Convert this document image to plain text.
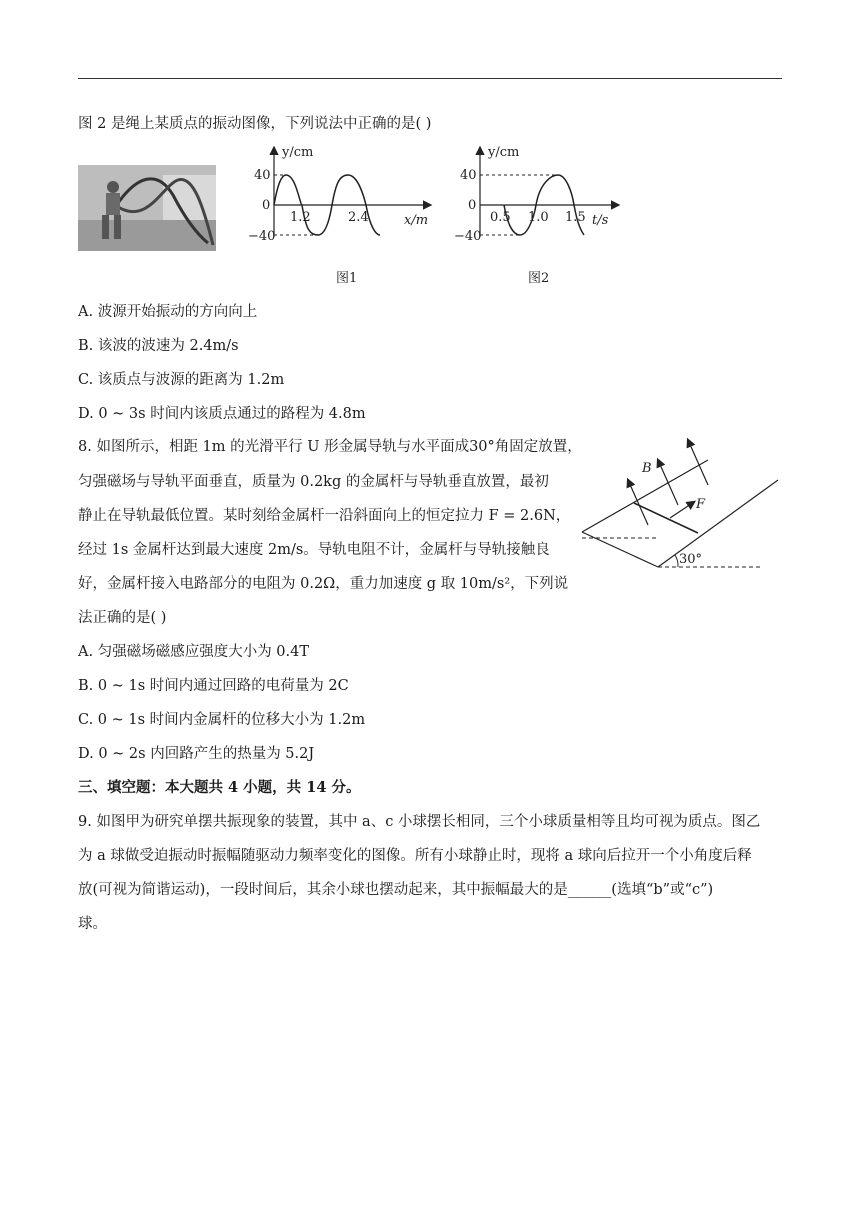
图 2 是绳上某质点的振动图像，下列说法中正确的是( )
y/cm
40
0
−40
1.2	2.4	x/m
图1
y/cm
40
0
−40
0.5 1.0 1.5 t/s
图2
A. 波源开始振动的方向向上
B. 该波的波速为 2.4m/s
C. 该质点与波源的距离为 1.2m
D. 0 ~ 3s 时间内该质点通过的路程为 4.8m
8. 如图所示，相距 1m 的光滑平行 U 形金属导轨与水平面成30°角固定放置，
匀强磁场与导轨平面垂直，质量为 0.2kg 的金属杆与导轨垂直放置，最初
静止在导轨最低位置。某时刻给金属杆一沿斜面向上的恒定拉力 F = 2.6N，
经过 1s 金属杆达到最大速度 2m/s。导轨电阻不计，金属杆与导轨接触良
好，金属杆接入电路部分的电阻为 0.2Ω，重力加速度 g 取 10m/s²，下列说
法正确的是( )
B
F
30°
A. 匀强磁场磁感应强度大小为 0.4T
B. 0 ~ 1s 时间内通过回路的电荷量为 2C
C. 0 ~ 1s 时间内金属杆的位移大小为 1.2m
D. 0 ~ 2s 内回路产生的热量为 5.2J
三、填空题：本大题共 4 小题，共 14 分。
9. 如图甲为研究单摆共振现象的装置，其中 a、c 小球摆长相同，三个小球质量相等且均可视为质点。图乙
为 a 球做受迫振动时振幅随驱动力频率变化的图像。所有小球静止时，现将 a 球向后拉开一个小角度后释
放(可视为简谐运动)，一段时间后，其余小球也摆动起来，其中振幅最大的是______(选填“b”或“c”)
球。
